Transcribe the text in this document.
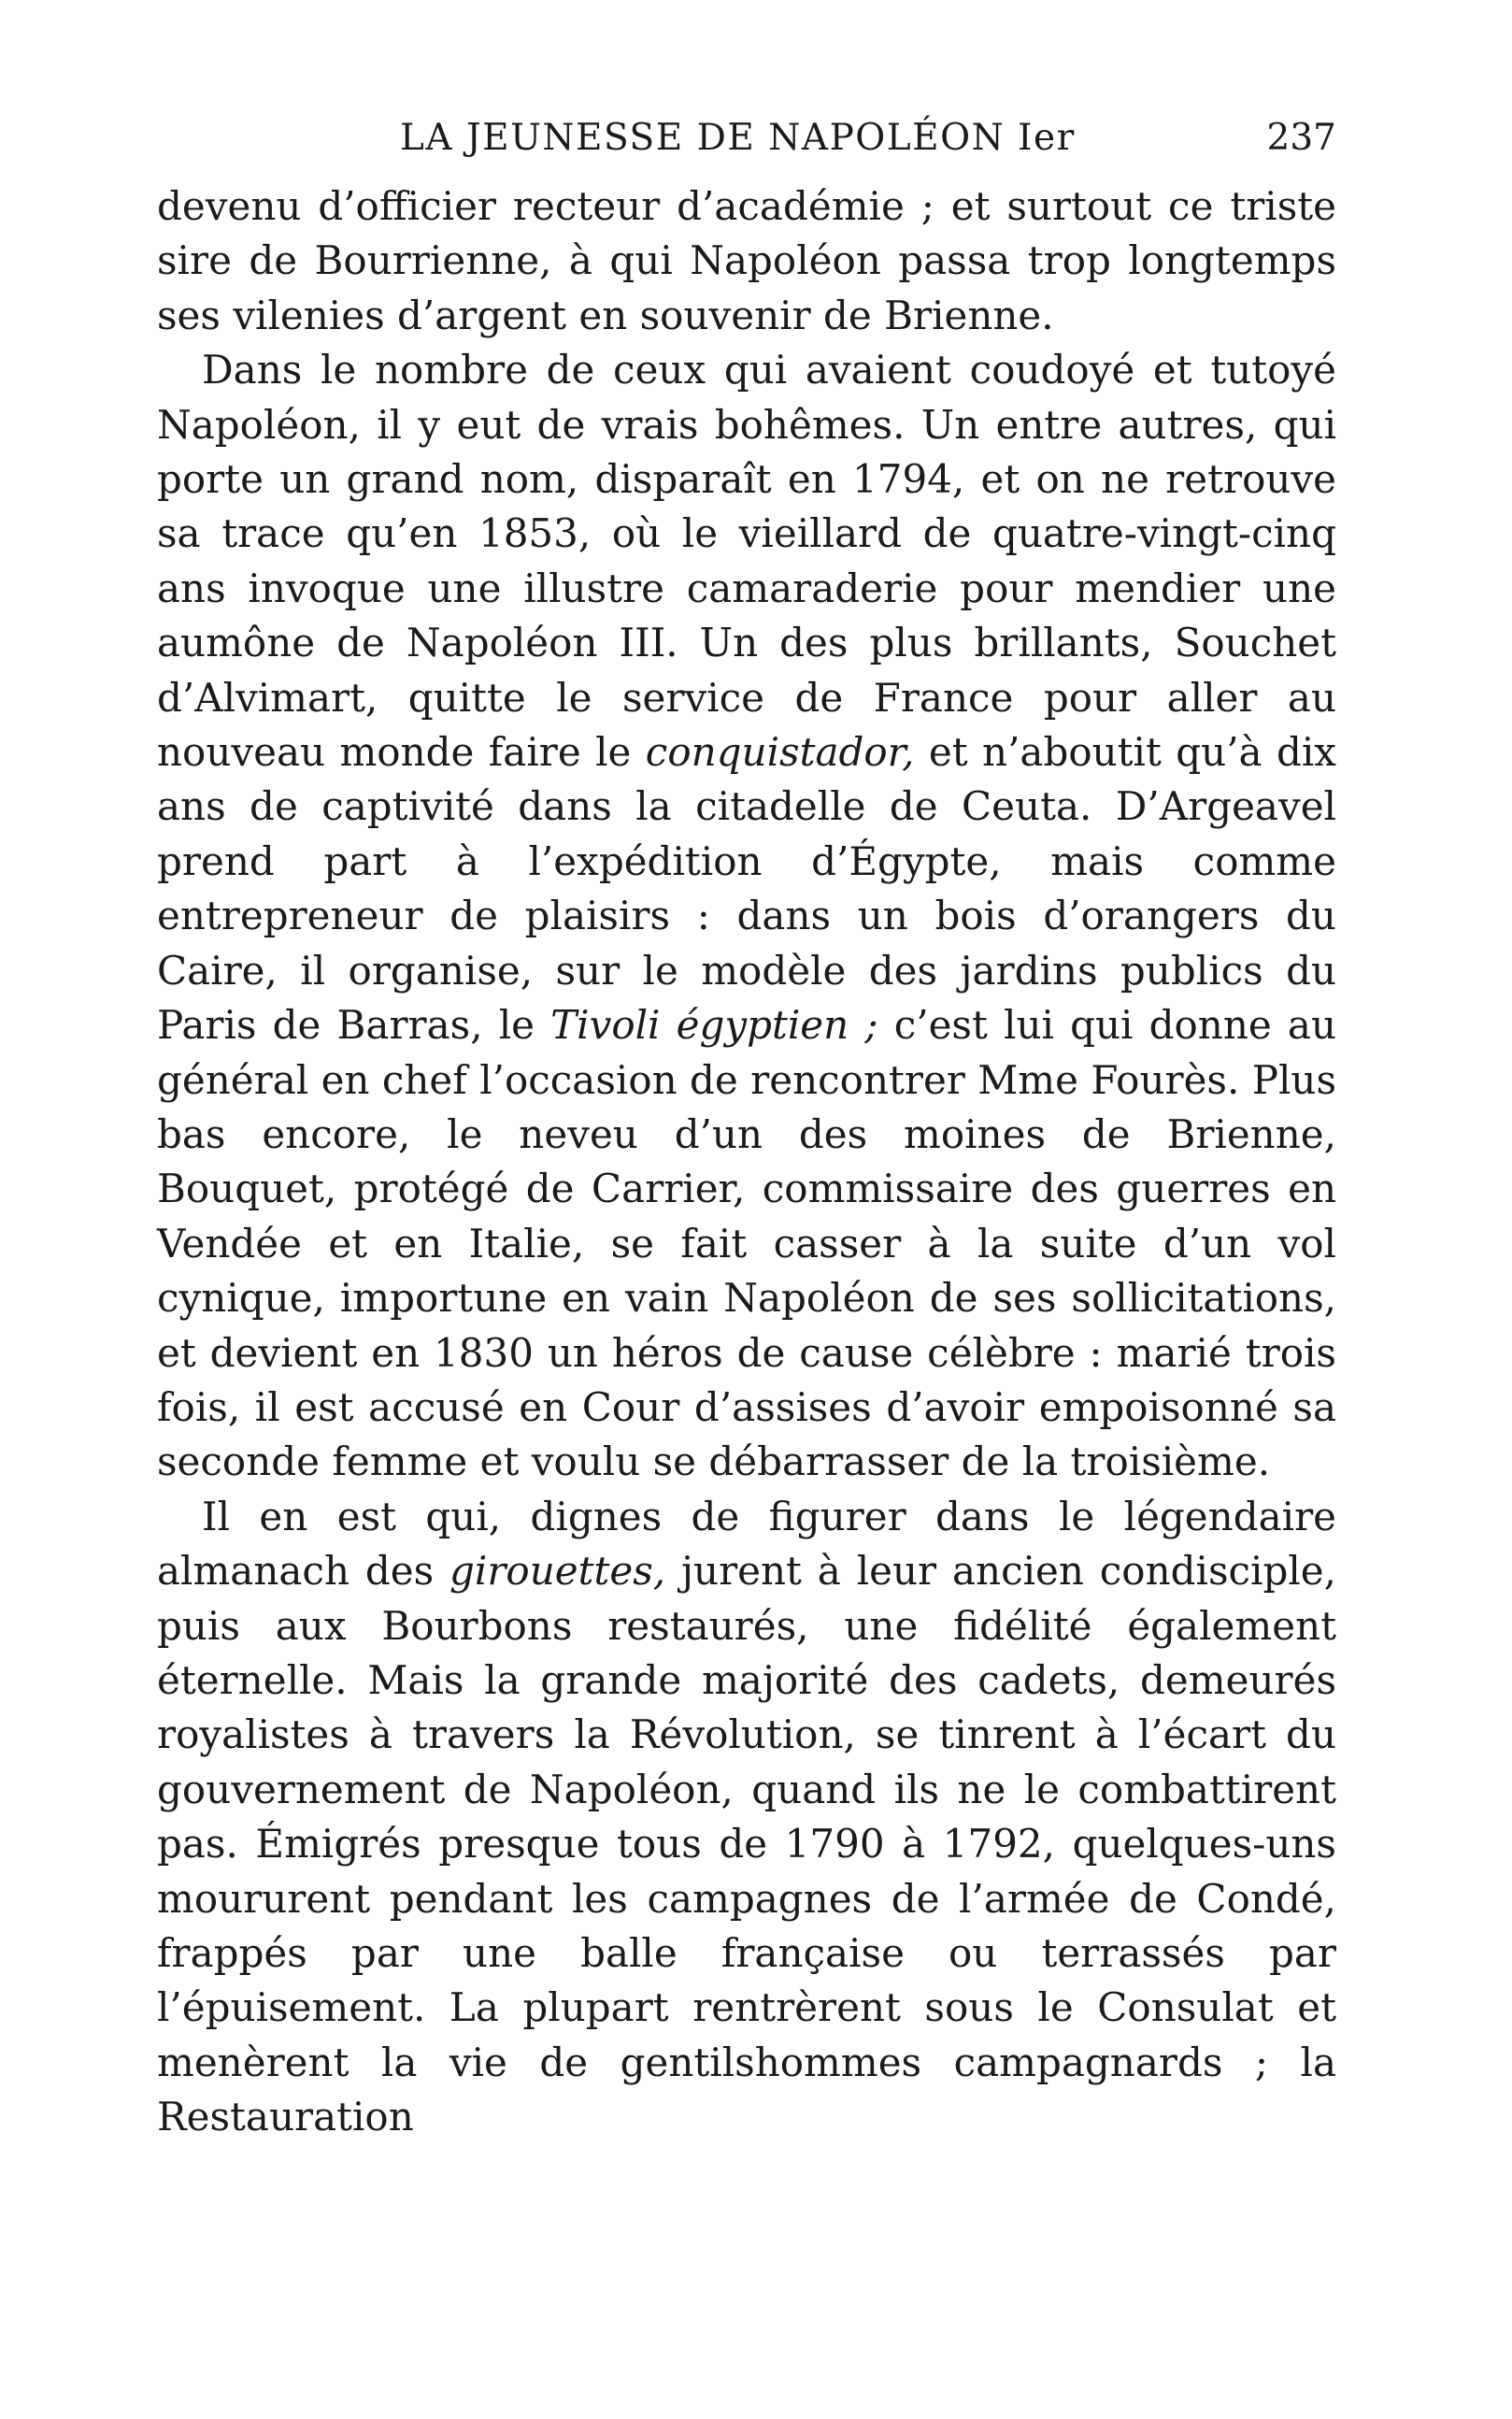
LA JEUNESSE DE NAPOLÉON Ier	237

devenu d’officier recteur d’académie ; et surtout ce triste sire de Bourrienne, à qui Napoléon passa trop longtemps ses vilenies d’argent en souvenir de Brienne.

Dans le nombre de ceux qui avaient coudoyé et tutoyé Napoléon, il y eut de vrais bohêmes. Un entre autres, qui porte un grand nom, disparaît en 1794, et on ne retrouve sa trace qu’en 1853, où le vieillard de quatre-vingt-cinq ans invoque une illustre camaraderie pour mendier une aumône de Napoléon III. Un des plus brillants, Souchet d’Alvimart, quitte le service de France pour aller au nouveau monde faire le conquistador, et n’aboutit qu’à dix ans de captivité dans la citadelle de Ceuta. D’Argeavel prend part à l’expédition d’Égypte, mais comme entrepreneur de plaisirs : dans un bois d’orangers du Caire, il organise, sur le modèle des jardins publics du Paris de Barras, le Tivoli égyptien ; c’est lui qui donne au général en chef l’occasion de rencontrer Mme Fourès. Plus bas encore, le neveu d’un des moines de Brienne, Bouquet, protégé de Carrier, commissaire des guerres en Vendée et en Italie, se fait casser à la suite d’un vol cynique, importune en vain Napoléon de ses sollicitations, et devient en 1830 un héros de cause célèbre : marié trois fois, il est accusé en Cour d’assises d’avoir empoisonné sa seconde femme et voulu se débarrasser de la troisième.

Il en est qui, dignes de figurer dans le légendaire almanach des girouettes, jurent à leur ancien condisciple, puis aux Bourbons restaurés, une fidélité également éternelle. Mais la grande majorité des cadets, demeurés royalistes à travers la Révolution, se tinrent à l’écart du gouvernement de Napoléon, quand ils ne le combattirent pas. Émigrés presque tous de 1790 à 1792, quelques-uns moururent pendant les campagnes de l’armée de Condé, frappés par une balle française ou terrassés par l’épuisement. La plupart rentrèrent sous le Consulat et menèrent la vie de gentilshommes campagnards ; la Restauration
